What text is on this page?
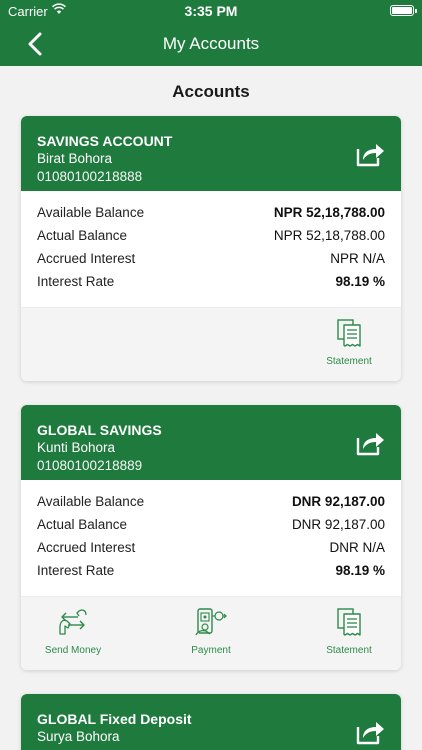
Carrier	3:35 PM
My Accounts
Accounts
SAVINGS ACCOUNT
Birat Bohora
01080100218888
Available Balance	NPR 52,18,788.00
Actual Balance	NPR 52,18,788.00
Accrued Interest	NPR N/A
Interest Rate	98.19 %
Statement
GLOBAL SAVINGS
Kunti Bohora
01080100218889
Available Balance	DNR 92,187.00
Actual Balance	DNR 92,187.00
Accrued Interest	DNR N/A
Interest Rate	98.19 %
Send Money	Payment	Statement
GLOBAL Fixed Deposit
Surya Bohora
